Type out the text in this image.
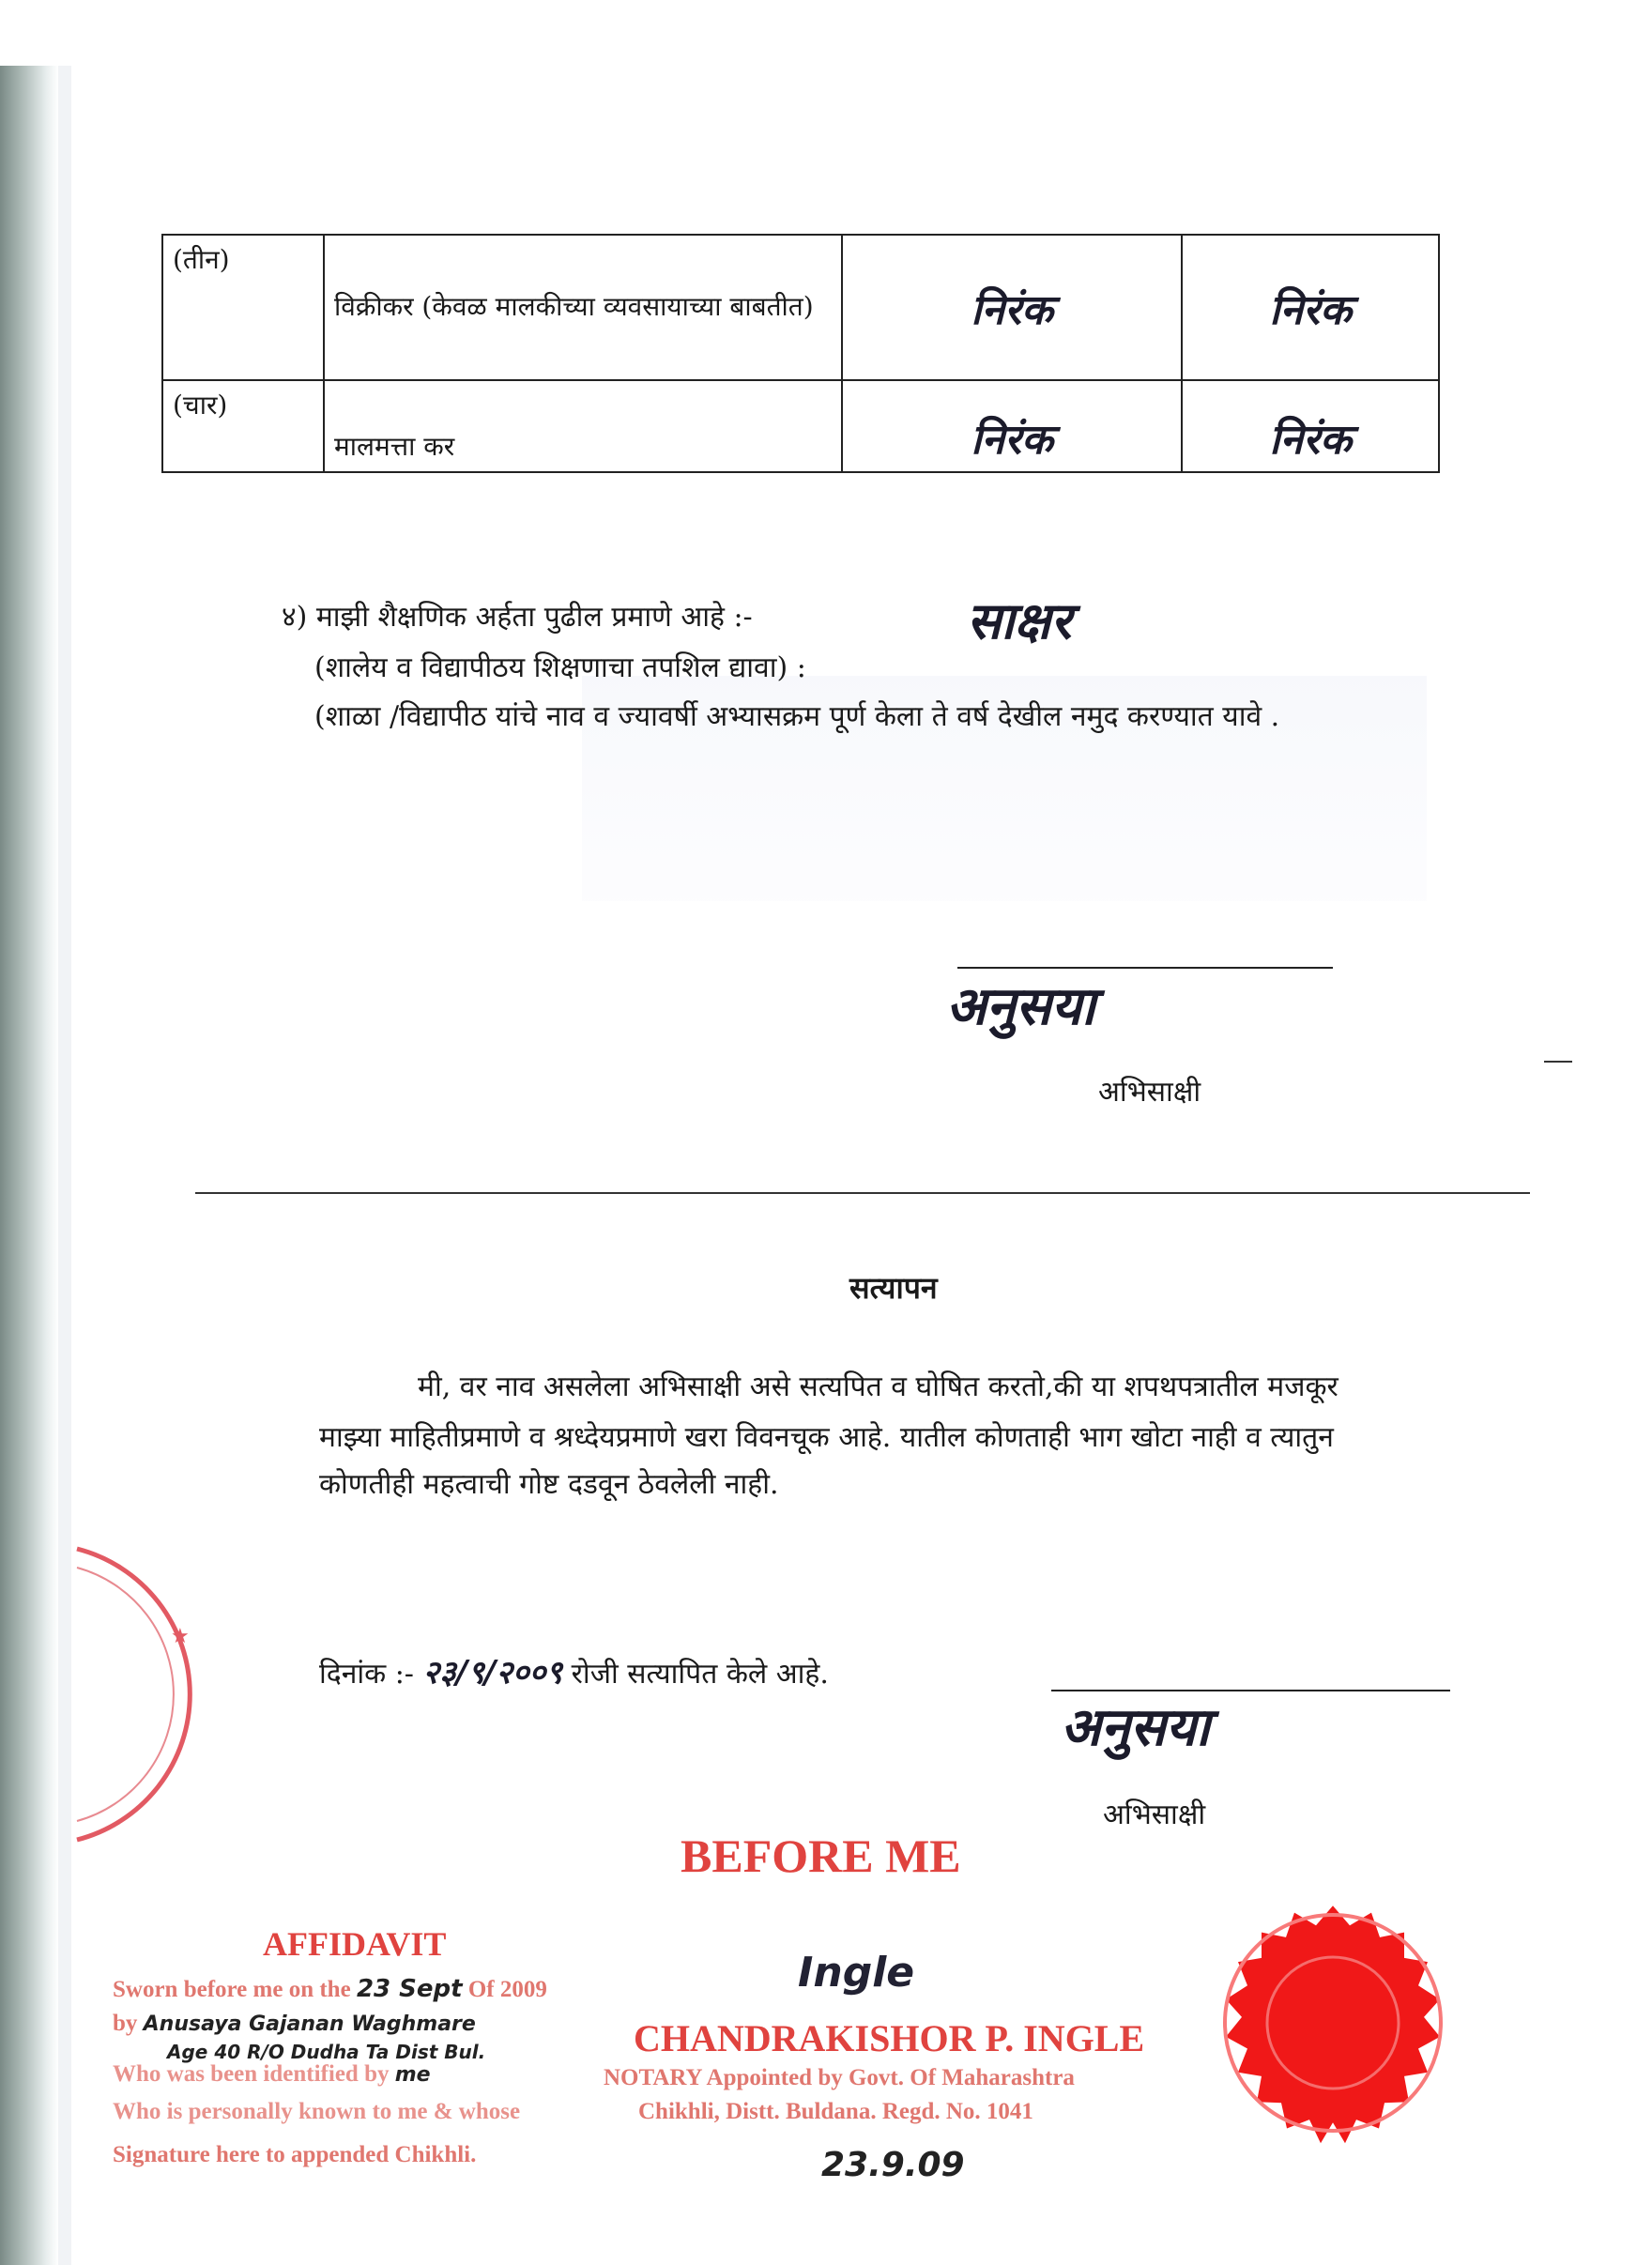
(तीन)	विक्रीकर (केवळ मालकीच्या व्यवसायाच्या बाबतीत)	निरंक	निरंक
(चार)	मालमत्ता कर	निरंक	निरंक
४) माझी शैक्षणिक अर्हता पुढील प्रमाणे आहे :-	साक्षर
(शालेय व विद्यापीठय शिक्षणाचा तपशिल द्यावा) :
(शाळा /विद्यापीठ यांचे नाव व ज्यावर्षी अभ्यासक्रम पूर्ण केला ते वर्ष देखील नमुद करण्यात यावे .
अनुसया
अभिसाक्षी
सत्यापन
मी, वर नाव असलेला अभिसाक्षी असे सत्यपित व घोषित करतो,की या शपथपत्रातील मजकूर
माझ्या माहितीप्रमाणे व श्रध्देयप्रमाणे खरा विवनचूक आहे. यातील कोणताही भाग खोटा नाही व त्यातुन
कोणतीही महत्वाची गोष्ट दडवून ठेवलेली नाही.
दिनांक :- २३/९/२००९ रोजी सत्यापित केले आहे.
अनुसया
अभिसाक्षी
★
BEFORE ME
AFFIDAVIT
Sworn before me on the 23 Sept Of 2009
by Anusaya Gajanan Waghmare
Age 40 R/O Dudha Ta Dist Bul.
Who was been identified by me
Who is personally known to me & whose
Signature here to appended Chikhli.
Ingle
CHANDRAKISHOR P. INGLE
NOTARY Appointed by Govt. Of Maharashtra
Chikhli, Distt. Buldana. Regd. No. 1041
23.9.09
